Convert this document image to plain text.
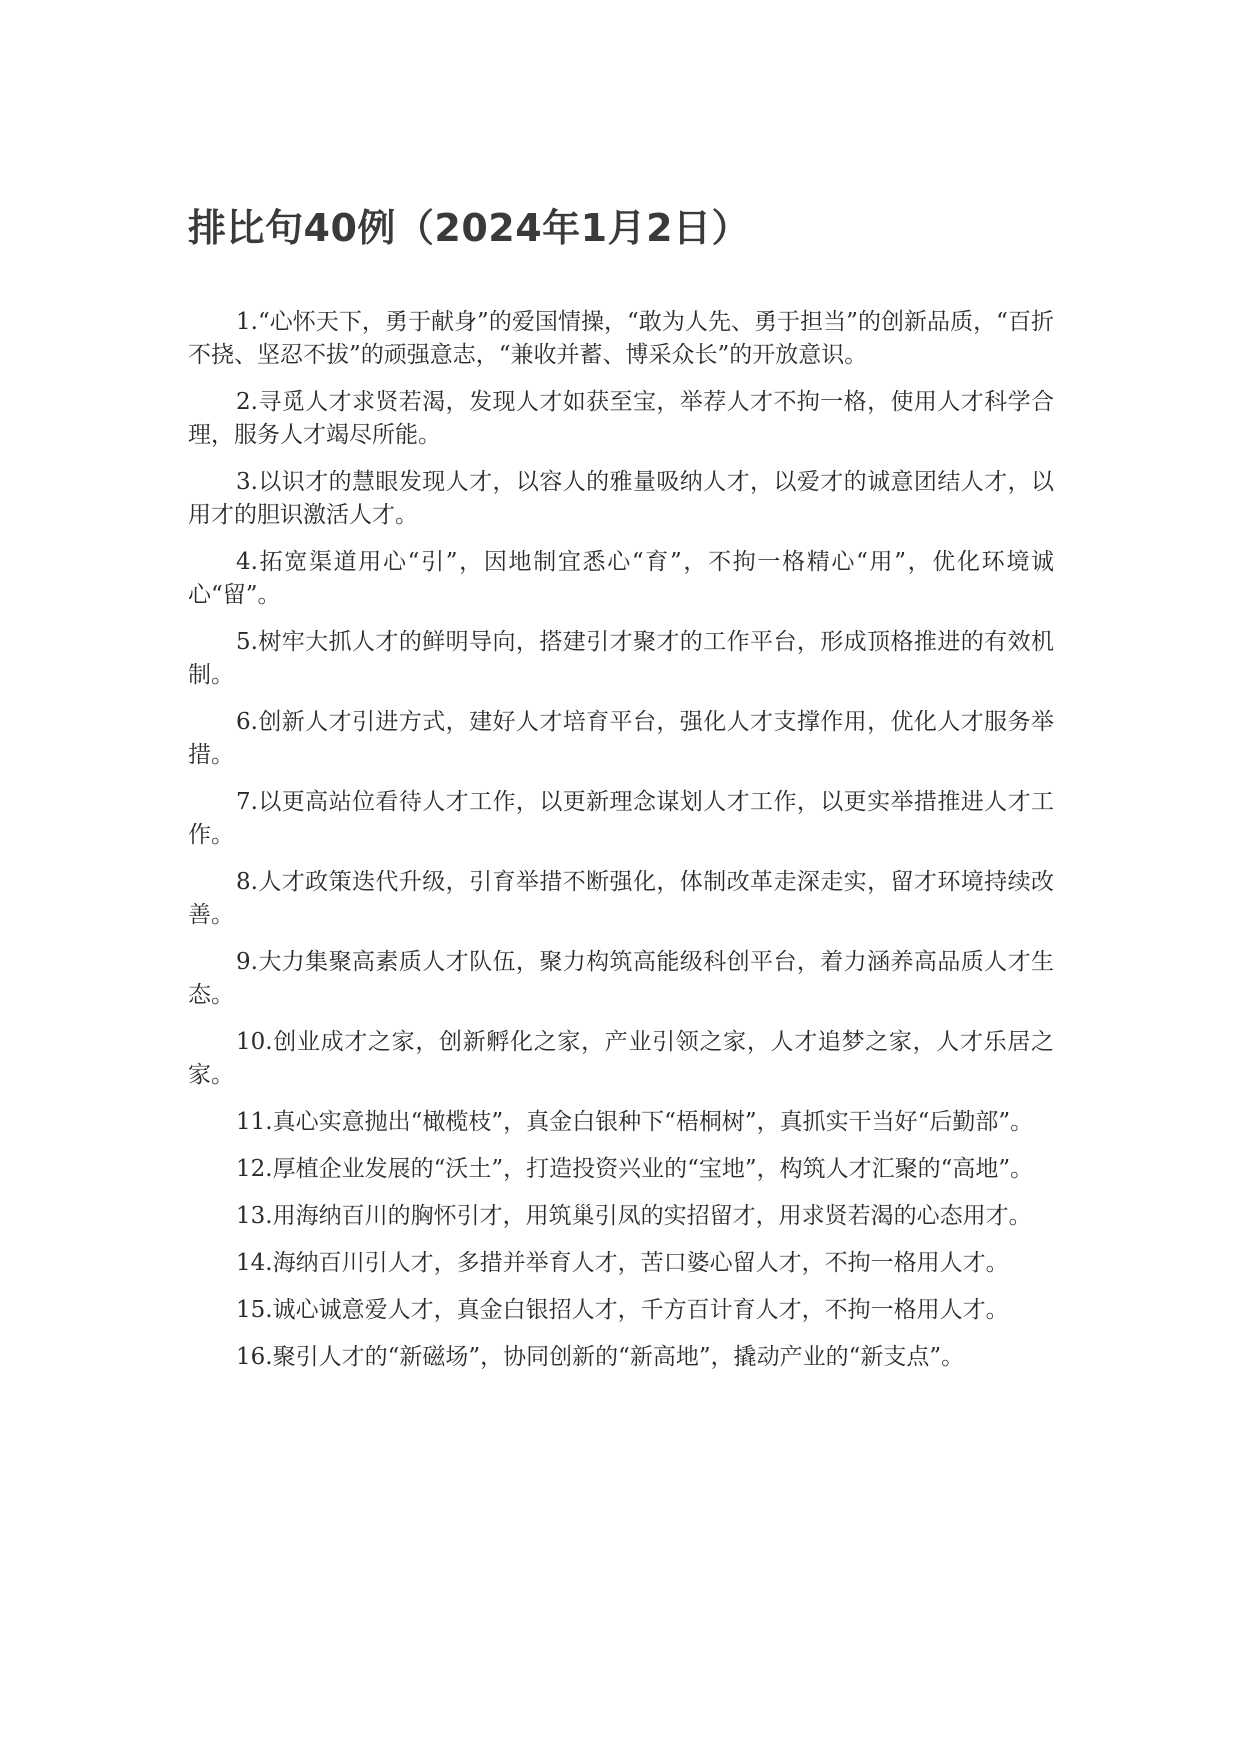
排比句40例（2024年1月2日）
1.“心怀天下，勇于献身”的爱国情操，“敢为人先、勇于担当”的创新品质，“百折不挠、坚忍不拔”的顽强意志，“兼收并蓄、博采众长”的开放意识。
2.寻觅人才求贤若渴，发现人才如获至宝，举荐人才不拘一格，使用人才科学合理，服务人才竭尽所能。
3.以识才的慧眼发现人才，以容人的雅量吸纳人才，以爱才的诚意团结人才，以用才的胆识激活人才。
4.拓宽渠道用心“引”，因地制宜悉心“育”，不拘一格精心“用”，优化环境诚心“留”。
5.树牢大抓人才的鲜明导向，搭建引才聚才的工作平台，形成顶格推进的有效机制。
6.创新人才引进方式，建好人才培育平台，强化人才支撑作用，优化人才服务举措。
7.以更高站位看待人才工作，以更新理念谋划人才工作，以更实举措推进人才工作。
8.人才政策迭代升级，引育举措不断强化，体制改革走深走实，留才环境持续改善。
9.大力集聚高素质人才队伍，聚力构筑高能级科创平台，着力涵养高品质人才生态。
10.创业成才之家，创新孵化之家，产业引领之家，人才追梦之家，人才乐居之家。
11.真心实意抛出“橄榄枝”，真金白银种下“梧桐树”，真抓实干当好“后勤部”。
12.厚植企业发展的“沃土”，打造投资兴业的“宝地”，构筑人才汇聚的“高地”。
13.用海纳百川的胸怀引才，用筑巢引凤的实招留才，用求贤若渴的心态用才。
14.海纳百川引人才，多措并举育人才，苦口婆心留人才，不拘一格用人才。
15.诚心诚意爱人才，真金白银招人才，千方百计育人才，不拘一格用人才。
16.聚引人才的“新磁场”，协同创新的“新高地”，撬动产业的“新支点”。
